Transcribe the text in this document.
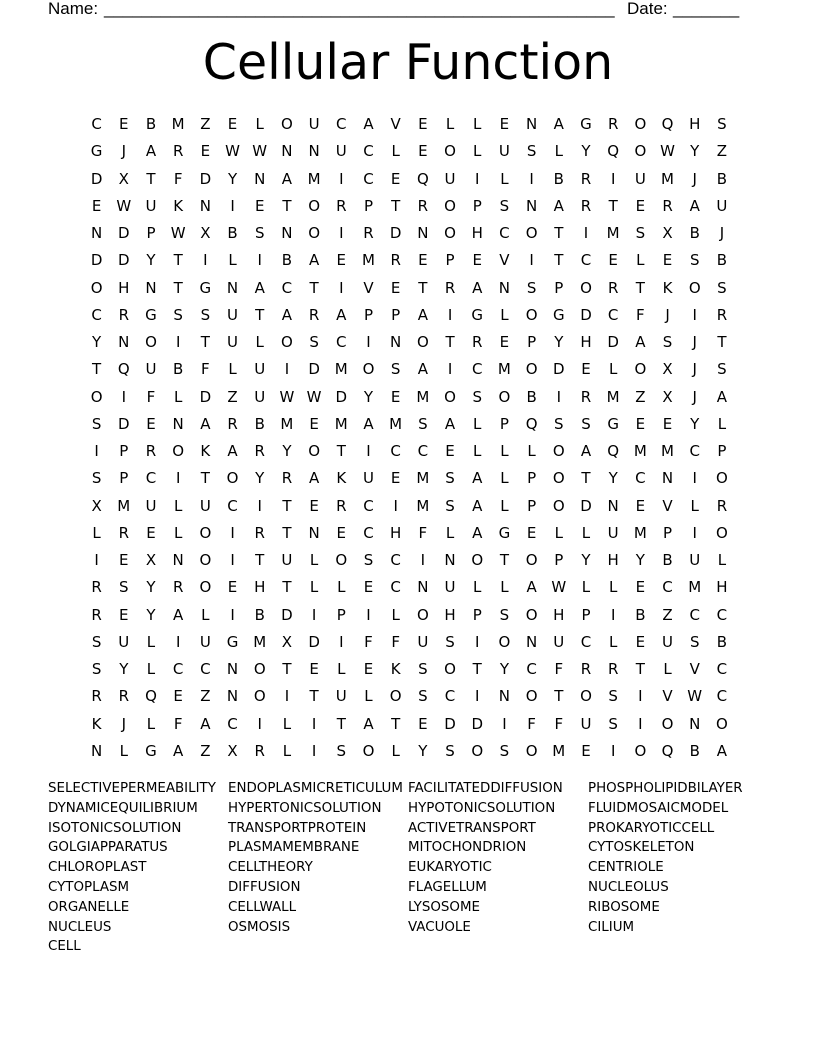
Name: ______________________________________________________ Date: _______
Cellular Function
C	E	B	M	Z	E	L	O	U	C	A	V	E	L	L	E	N	A	G	R	O	Q	H	S
G	J	A	R	E	W W N	N	U	C	L	E	O	L	U	S	L	Y	Q	O W	Y	Z
D	X	T	F	D	Y	N	A	M	I	C	E	Q	U	I	L	I	B	R	I	U	M	J	B
E	W U	K	N	I	E	T	O	R	P	T	R	O	P	S	N	A	R	T	E	R	A	U
N	D	P	W X	B	S	N	O	I	R	D	N	O	H	C	O	T	I	M	S	X	B	J
D	D	Y	T	I	L	I	B	A	E	M	R	E	P	E	V	I	T	C	E	L	E	S	B
O	H	N	T	G	N	A	C	T	I	V	E	T	R	A	N	S	P	O	R	T	K	O	S
C	R	G	S	S	U	T	A	R	A	P	P	A	I	G	L	O	G	D	C	F	J	I	R
Y	N	O	I	T	U	L	O	S	C	I	N	O	T	R	E	P	Y	H	D	A	S	J	T
T	Q	U	B	F	L	U	I	D M O	S	A	I	C	M O	D	E	L	O	X	J	S
O	I	F	L	D	Z	U W W D	Y	E	M O	S	O	B	I	R	M	Z	X	J	A
S	D	E	N	A	R	B	M	E	M	A	M	S	A	L	P	Q	S	S	G	E	E	Y	L
I	P	R	O	K	A	R	Y	O	T	I	C	C	E	L	L	L	O	A	Q M M	C	P
S	P	C	I	T	O	Y	R	A	K	U	E	M	S	A	L	P	O	T	Y	C	N	I	O
X	M	U	L	U	C	I	T	E	R	C	I	M	S	A	L	P	O	D	N	E	V	L	R
L	R	E	L	O	I	R	T	N	E	C	H	F	L	A	G	E	L	L	U	M	P	I	O
I	E	X	N	O	I	T	U	L	O	S	C	I	N	O	T	O	P	Y	H	Y	B	U	L
R	S	Y	R	O	E	H	T	L	L	E	C	N	U	L	L	A W	L	L	E	C	M	H
R	E	Y	A	L	I	B	D	I	P	I	L	O	H	P	S	O	H	P	I	B	Z	C	C
S	U	L	I	U	G M	X	D	I	F	F	U	S	I	O	N	U	C	L	E	U	S	B
S	Y	L	C	C	N	O	T	E	L	E	K	S	O	T	Y	C	F	R	R	T	L	V	C
R	R	Q	E	Z	N	O	I	T	U	L	O	S	C	I	N	O	T	O	S	I	V W C
K	J	L	F	A	C	I	L	I	T	A	T	E	D	D	I	F	F	U	S	I	O	N	O
N	L	G	A	Z	X	R	L	I	S	O	L	Y	S	O	S	O M	E	I	O	Q	B	A
SELECTIVEPERMEABILITY ENDOPLASMICRETICULUM FACILITATEDDIFFUSION	PHOSPHOLIPIDBILAYER
DYNAMICEQUILIBRIUM	HYPERTONICSOLUTION	HYPOTONICSOLUTION	FLUIDMOSAICMODEL
ISOTONICSOLUTION	TRANSPORTPROTEIN	ACTIVETRANSPORT	PROKARYOTICCELL
GOLGIAPPARATUS	PLASMAMEMBRANE	MITOCHONDRION	CYTOSKELETON
CHLOROPLAST	CELLTHEORY	EUKARYOTIC	CENTRIOLE
CYTOPLASM	DIFFUSION	FLAGELLUM	NUCLEOLUS
ORGANELLE	CELLWALL	LYSOSOME	RIBOSOME
NUCLEUS	OSMOSIS	VACUOLE	CILIUM
CELL
